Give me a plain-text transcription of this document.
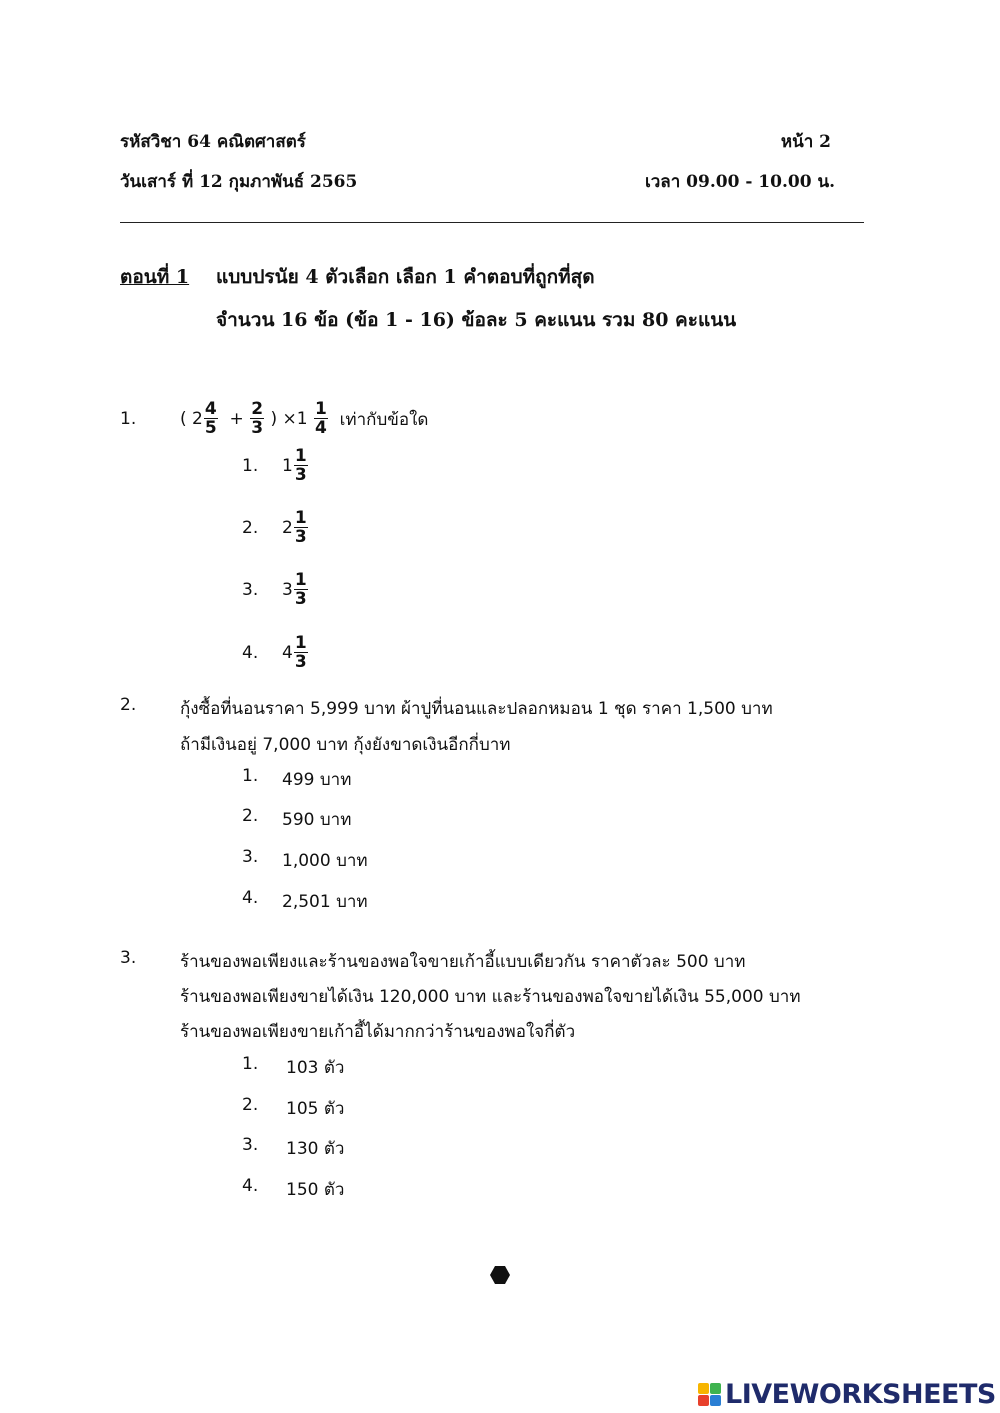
รหัสวิชา 64 คณิตศาสตร์	หน้า 2
วันเสาร์ ที่ 12 กุมภาพันธ์ 2565	เวลา 09.00 - 10.00 น.
ตอนที่ 1 แบบปรนัย 4 ตัวเลือก เลือก 1 คำตอบที่ถูกที่สุด
จำนวน 16 ข้อ (ข้อ 1 - 16) ข้อละ 5 คะแนน รวม 80 คะแนน
1.	(
$2 \frac{4}{5}$
+
$\frac{2}{3}$
)
×1
$\frac{1}{4}$
เท่ากับข้อใด
1. $1 \frac{1}{3}$
2. $2 \frac{1}{3}$
3. $3 \frac{1}{3}$
4. $4 \frac{1}{3}$
2.	กุ้งซื้อที่นอนราคา 5,999 บาท ผ้าปูที่นอนและปลอกหมอน 1 ชุด ราคา 1,500 บาท
ถ้ามีเงินอยู่ 7,000 บาท กุ้งยังขาดเงินอีกกี่บาท
1. 499 บาท
2. 590 บาท
3. 1,000 บาท
4. 2,501 บาท
3.	ร้านของพอเพียงและร้านของพอใจขายเก้าอี้แบบเดียวกัน ราคาตัวละ 500 บาท
ร้านของพอเพียงขายได้เงิน 120,000 บาท และร้านของพอใจขายได้เงิน 55,000 บาท
ร้านของพอเพียงขายเก้าอี้ได้มากกว่าร้านของพอใจกี่ตัว
1. 103 ตัว
2. 105 ตัว
3. 130 ตัว
4. 150 ตัว
LIVEWORKSHEETS
